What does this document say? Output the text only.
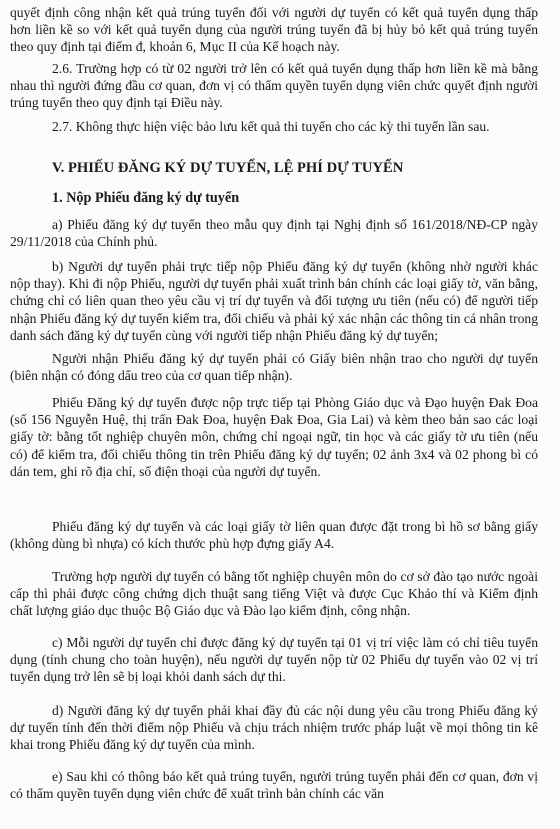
quyết định công nhận kết quả trúng tuyển đối với người dự tuyển có kết quả tuyển dụng thấp hơn liền kề so với kết quả tuyển dụng của người trúng tuyển đã bị hủy bỏ kết quả trúng tuyển theo quy định tại điểm đ, khoản 6, Mục II của Kế hoạch này.

2.6. Trường hợp có từ 02 người trở lên có kết quả tuyển dụng thấp hơn liền kề mà bằng nhau thì người đứng đầu cơ quan, đơn vị có thẩm quyền tuyển dụng viên chức quyết định người trúng tuyển theo quy định tại Điều này.

2.7. Không thực hiện việc bảo lưu kết quả thi tuyển cho các kỳ thi tuyển lần sau.

V. PHIẾU ĐĂNG KÝ DỰ TUYỂN, LỆ PHÍ DỰ TUYỂN
1. Nộp Phiếu đăng ký dự tuyển

a) Phiếu đăng ký dự tuyển theo mẫu quy định tại Nghị định số 161/2018/NĐ-CP ngày 29/11/2018 của Chính phủ.

b) Người dự tuyển phải trực tiếp nộp Phiếu đăng ký dự tuyển (không nhờ người khác nộp thay). Khi đi nộp Phiếu, người dự tuyển phải xuất trình bản chính các loại giấy tờ, văn bằng, chứng chỉ có liên quan theo yêu cầu vị trí dự tuyển và đối tượng ưu tiên (nếu có) để người tiếp nhận Phiếu đăng ký dự tuyển kiểm tra, đối chiếu và phải ký xác nhận các thông tin cá nhân trong danh sách đăng ký dự tuyển cùng với người tiếp nhận Phiếu đăng ký dự tuyển;

Người nhận Phiếu đăng ký dự tuyển phải có Giấy biên nhận trao cho người dự tuyển (biên nhận có đóng dấu treo của cơ quan tiếp nhận).

Phiếu Đăng ký dự tuyển được nộp trực tiếp tại Phòng Giáo dục và Đạo huyện Đak Đoa (số 156 Nguyễn Huệ, thị trấn Đak Đoa, huyện Đak Đoa, Gia Lai) và kèm theo bản sao các loại giấy tờ: bằng tốt nghiệp chuyên môn, chứng chỉ ngoại ngữ, tin học và các giấy tờ ưu tiên (nếu có) để kiểm tra, đối chiếu thông tin trên Phiếu đăng ký dự tuyển; 02 ảnh 3x4 và 02 phong bì có dán tem, ghi rõ địa chỉ, số điện thoại của người dự tuyển.

Phiếu đăng ký dự tuyển và các loại giấy tờ liên quan được đặt trong bì hồ sơ bằng giấy (không dùng bì nhựa) có kích thước phù hợp đựng giấy A4.

Trường hợp người dự tuyển có bằng tốt nghiệp chuyên môn do cơ sở đào tạo nước ngoài cấp thì phải được công chứng dịch thuật sang tiếng Việt và được Cục Khảo thí và Kiểm định chất lượng giáo dục thuộc Bộ Giáo dục và Đào lạo kiểm định, công nhận.

c) Mỗi người dự tuyển chỉ được đăng ký dự tuyển tại 01 vị trí việc làm có chỉ tiêu tuyển dụng (tính chung cho toàn huyện), nếu người dự tuyển nộp từ 02 Phiếu dự tuyển vào 02 vị trí tuyển dụng trở lên sẽ bị loại khỏi danh sách dự thi.

d) Người đăng ký dự tuyển phải khai đầy đủ các nội dung yêu cầu trong Phiếu đăng ký dự tuyển tính đến thời điểm nộp Phiếu và chịu trách nhiệm trước pháp luật về mọi thông tin kê khai trong Phiếu đăng ký dự tuyển của mình.

e) Sau khi có thông báo kết quả trúng tuyển, người trúng tuyển phải đến cơ quan, đơn vị có thẩm quyền tuyển dụng viên chức để xuất trình bản chính các văn
